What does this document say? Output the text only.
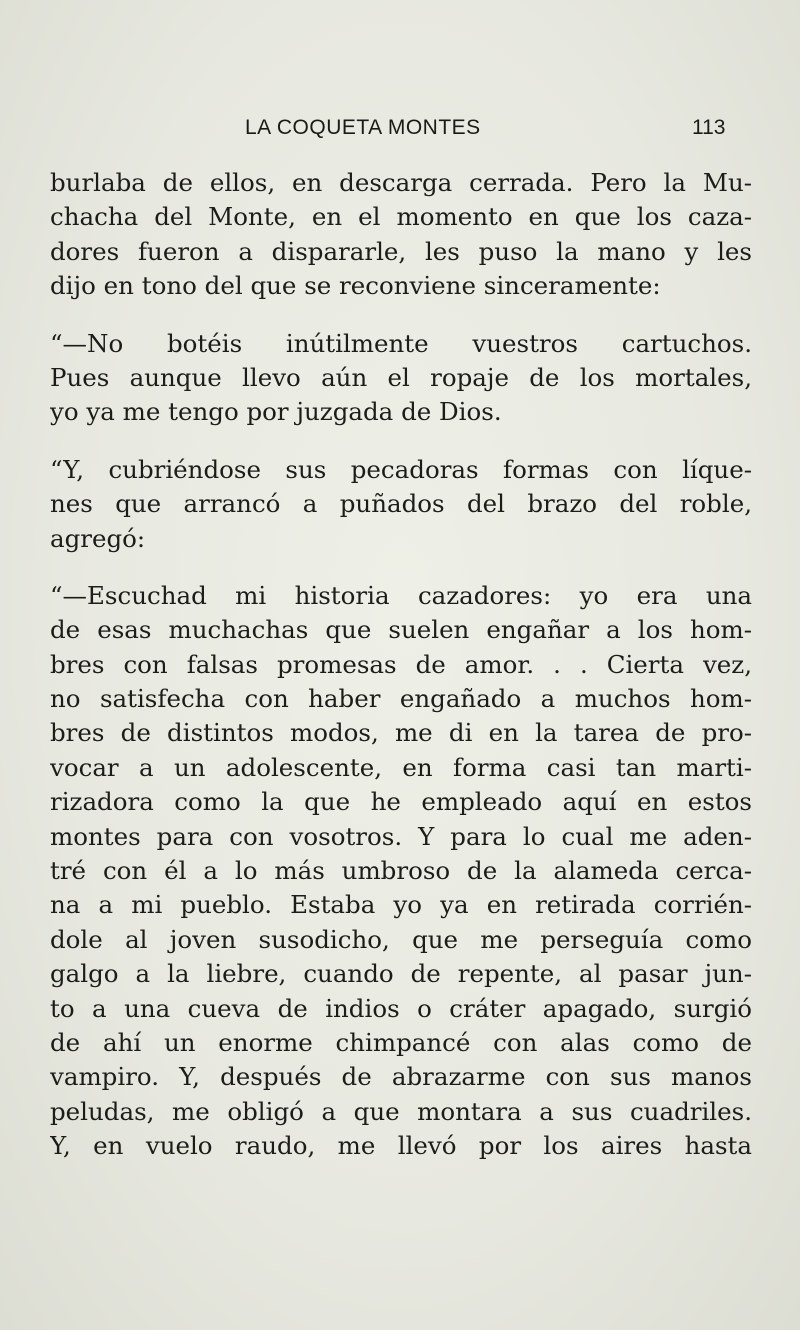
LA COQUETA MONTES	113
burlaba de ellos, en descarga cerrada. Pero la Mu-
chacha del Monte, en el momento en que los caza-
dores fueron a dispararle, les puso la mano y les
dijo en tono del que se reconviene sinceramente:
“—No botéis inútilmente vuestros cartuchos.
Pues aunque llevo aún el ropaje de los mortales,
yo ya me tengo por juzgada de Dios.
“Y, cubriéndose sus pecadoras formas con líque-
nes que arrancó a puñados del brazo del roble,
agregó:
“—Escuchad mi historia cazadores: yo era una
de esas muchachas que suelen engañar a los hom-
bres con falsas promesas de amor. . . Cierta vez,
no satisfecha con haber engañado a muchos hom-
bres de distintos modos, me di en la tarea de pro-
vocar a un adolescente, en forma casi tan marti-
rizadora como la que he empleado aquí en estos
montes para con vosotros. Y para lo cual me aden-
tré con él a lo más umbroso de la alameda cerca-
na a mi pueblo. Estaba yo ya en retirada corrién-
dole al joven susodicho, que me perseguía como
galgo a la liebre, cuando de repente, al pasar jun-
to a una cueva de indios o cráter apagado, surgió
de ahí un enorme chimpancé con alas como de
vampiro. Y, después de abrazarme con sus manos
peludas, me obligó a que montara a sus cuadriles.
Y, en vuelo raudo, me llevó por los aires hasta
